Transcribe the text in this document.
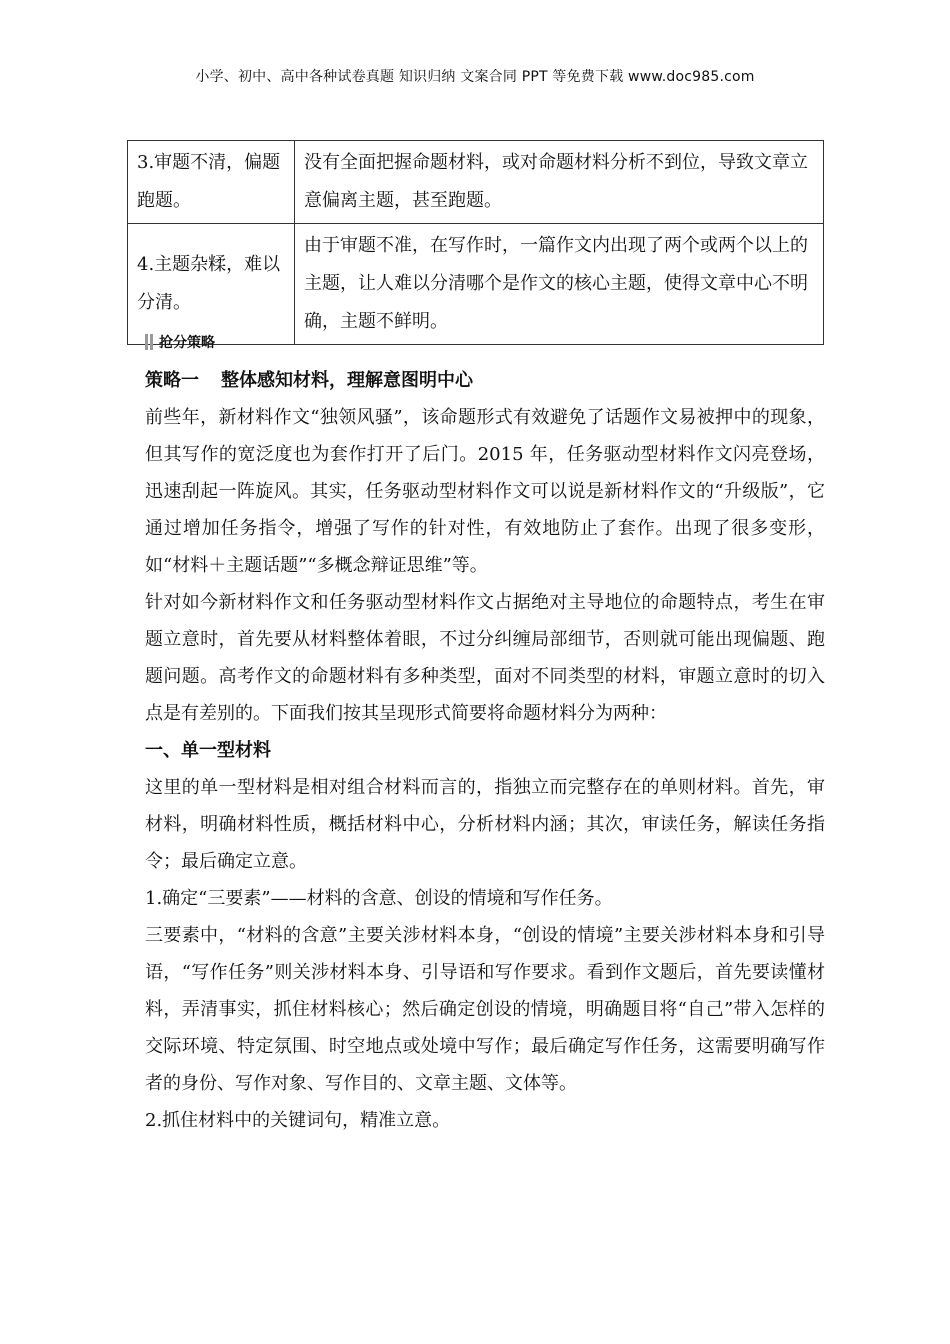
小学、初中、高中各种试卷真题 知识归纳 文案合同 PPT 等免费下载 www.doc985.com
3.审题不清，偏题跑题。	没有全面把握命题材料，或对命题材料分析不到位，导致文章立意偏离主题，甚至跑题。
4.主题杂糅，难以分清。	由于审题不准，在写作时，一篇作文内出现了两个或两个以上的主题，让人难以分清哪个是作文的核心主题，使得文章中心不明确，主题不鲜明。
抢分策略

策略一 整体感知材料，理解意图明中心

前些年，新材料作文“独领风骚”，该命题形式有效避免了话题作文易被押中的现象，但其写作的宽泛度也为套作打开了后门。2015 年，任务驱动型材料作文闪亮登场，迅速刮起一阵旋风。其实，任务驱动型材料作文可以说是新材料作文的“升级版”，它通过增加任务指令，增强了写作的针对性，有效地防止了套作。出现了很多变形，如“材料＋主题话题”“多概念辩证思维”等。

针对如今新材料作文和任务驱动型材料作文占据绝对主导地位的命题特点，考生在审题立意时，首先要从材料整体着眼，不过分纠缠局部细节，否则就可能出现偏题、跑题问题。高考作文的命题材料有多种类型，面对不同类型的材料，审题立意时的切入点是有差别的。下面我们按其呈现形式简要将命题材料分为两种：

一、单一型材料

这里的单一型材料是相对组合材料而言的，指独立而完整存在的单则材料。首先，审材料，明确材料性质，概括材料中心，分析材料内涵；其次，审读任务，解读任务指令；最后确定立意。

1.确定“三要素”——材料的含意、创设的情境和写作任务。

三要素中，“材料的含意”主要关涉材料本身，“创设的情境”主要关涉材料本身和引导语，“写作任务”则关涉材料本身、引导语和写作要求。看到作文题后，首先要读懂材料，弄清事实，抓住材料核心；然后确定创设的情境，明确题目将“自己”带入怎样的交际环境、特定氛围、时空地点或处境中写作；最后确定写作任务，这需要明确写作者的身份、写作对象、写作目的、文章主题、文体等。

2.抓住材料中的关键词句，精准立意。
